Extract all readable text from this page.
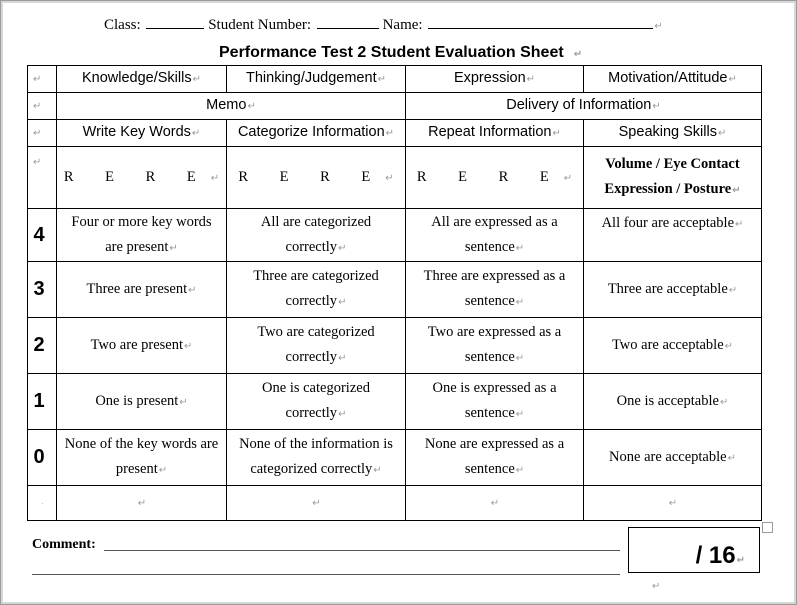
Class:	Student Number:	Name:	↵
Performance Test 2 Student Evaluation Sheet ↵
↵	Knowledge/Skills↵	Thinking/Judgement↵	Expression↵	Motivation/Attitude↵
↵	Memo↵		Delivery of Information↵	
↵	Write Key Words↵	Categorize Information↵	Repeat Information↵	Speaking Skills↵
↵	R E R E↵	R E R E↵	R E R E↵	Volume / Eye Contact
Expression / Posture↵
4	Four or more key words are present↵	All are categorized correctly↵	All are expressed as a sentence↵	All four are acceptable↵
3	Three are present↵	Three are categorized correctly↵	Three are expressed as a sentence↵	Three are acceptable↵
2	Two are present↵	Two are categorized correctly↵	Two are expressed as a sentence↵	Two are acceptable↵
1	One is present↵	One is categorized correctly↵	One is expressed as a sentence↵	One is acceptable↵
0	None of the key words are present↵	None of the information is categorized correctly↵	None are expressed as a sentence↵	None are acceptable↵
·	↵	↵	↵	↵
Comment:	/ 16↵
↵
